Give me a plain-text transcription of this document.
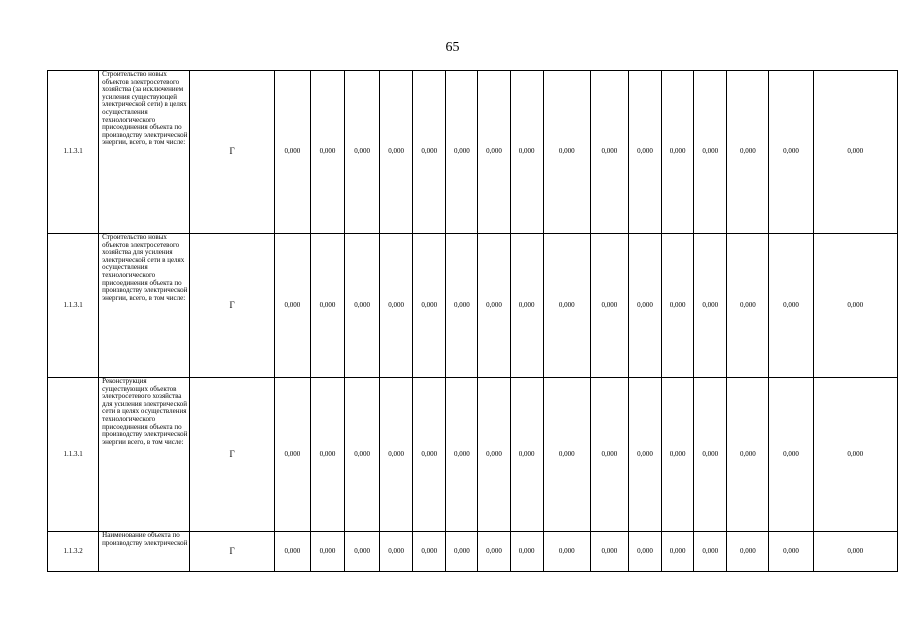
65
1.1.3.1	Строительство новых объектов электросетевого хозяйства (за исключением усиления существующей электрической сети) в целях осуществления технологического присоединения объекта по производству электрической энергии, всего, в том числе:	Г	0,000	0,000	0,000	0,000	0,000	0,000	0,000	0,000	0,000	0,000	0,000	0,000	0,000	0,000	0,000	0,000
1.1.3.1	Строительство новых объектов электросетевого хозяйства для усиления электрической сети в целях осуществления технологического присоединения объекта по производству электрической энергии, всего, в том числе:	Г	0,000	0,000	0,000	0,000	0,000	0,000	0,000	0,000	0,000	0,000	0,000	0,000	0,000	0,000	0,000	0,000
1.1.3.1	Реконструкция существующих объектов электросетевого хозяйства для усиления электрической сети в целях осуществления технологического присоединения объекта по производству электрической энергии всего, в том числе:	Г	0,000	0,000	0,000	0,000	0,000	0,000	0,000	0,000	0,000	0,000	0,000	0,000	0,000	0,000	0,000	0,000
1.1.3.2	Наименование объекта по производству электрической	Г	0,000	0,000	0,000	0,000	0,000	0,000	0,000	0,000	0,000	0,000	0,000	0,000	0,000	0,000	0,000	0,000
